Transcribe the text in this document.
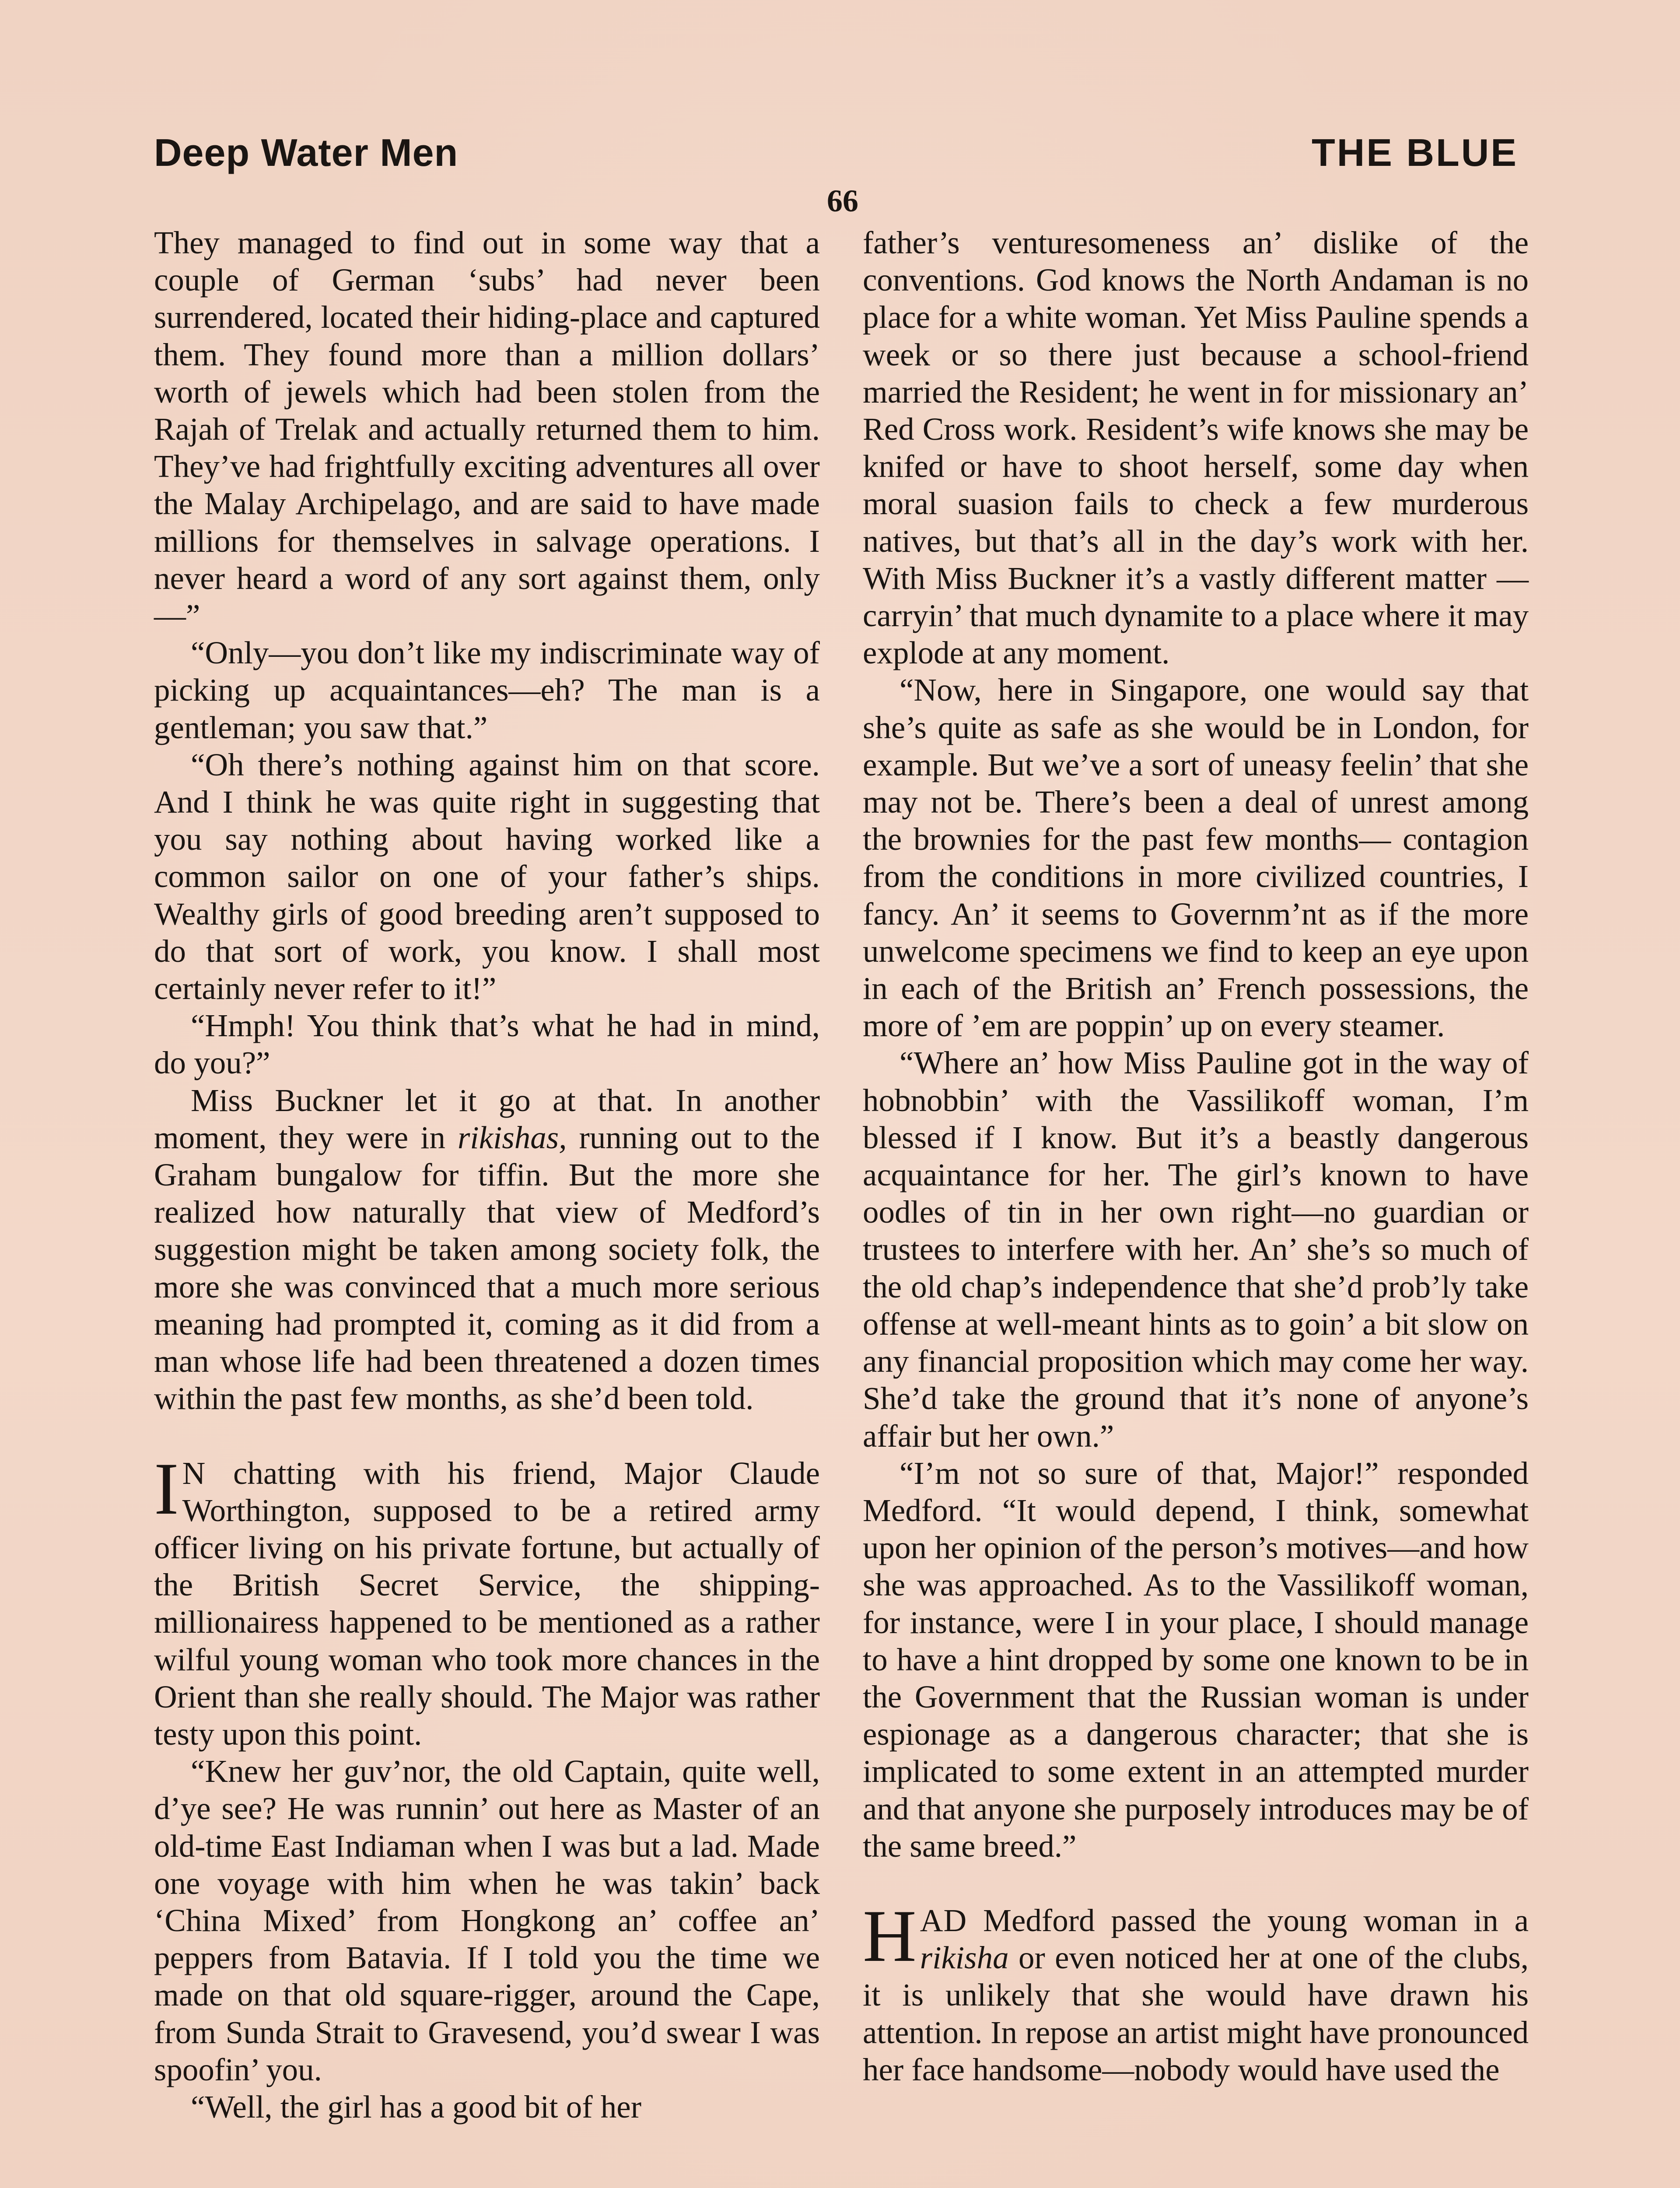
Deep Water Men	THE BLUE
66

They managed to find out in some way that a couple of German ‘subs’ had never been surrendered, located their hiding-place and captured them. They found more than a million dollars’ worth of jewels which had been stolen from the Rajah of Trelak and actually returned them to him. They’ve had frightfully exciting adventures all over the Malay Archipelago, and are said to have made millions for themselves in salvage operations. I never heard a word of any sort against them, only—”

“Only—you don’t like my indiscriminate way of picking up acquaintances—eh? The man is a gentleman; you saw that.”

“Oh there’s nothing against him on that score. And I think he was quite right in suggesting that you say nothing about having worked like a common sailor on one of your father’s ships. Wealthy girls of good breeding aren’t supposed to do that sort of work, you know. I shall most certainly never refer to it!”

“Hmph! You think that’s what he had in mind, do you?”

Miss Buckner let it go at that. In another moment, they were in rikishas, running out to the Graham bungalow for tiffin. But the more she realized how naturally that view of Medford’s suggestion might be taken among society folk, the more she was convinced that a much more serious meaning had prompted it, coming as it did from a man whose life had been threatened a dozen times within the past few months, as she’d been told.

I N chatting with his friend, Major Claude Worthington, supposed to be a retired army officer living on his private fortune, but actually of the British Secret Service, the shipping-millionairess happened to be mentioned as a rather wilful young woman who took more chances in the Orient than she really should. The Major was rather testy upon this point.

“Knew her guv’nor, the old Captain, quite well, d’ye see? He was runnin’ out here as Master of an old-time East Indiaman when I was but a lad. Made one voyage with him when he was takin’ back ‘China Mixed’ from Hongkong an’ coffee an’ peppers from Batavia. If I told you the time we made on that old square-rigger, around the Cape, from Sunda Strait to Gravesend, you’d swear I was spoofin’ you.

“Well, the girl has a good bit of her

father’s venturesomeness an’ dislike of the conventions. God knows the North Andaman is no place for a white woman. Yet Miss Pauline spends a week or so there just because a school-friend married the Resident; he went in for missionary an’ Red Cross work. Resident’s wife knows she may be knifed or have to shoot herself, some day when moral suasion fails to check a few murderous natives, but that’s all in the day’s work with her. With Miss Buckner it’s a vastly different matter —carryin’ that much dynamite to a place where it may explode at any moment.

“Now, here in Singapore, one would say that she’s quite as safe as she would be in London, for example. But we’ve a sort of uneasy feelin’ that she may not be. There’s been a deal of unrest among the brownies for the past few months— contagion from the conditions in more civilized countries, I fancy. An’ it seems to Governm’nt as if the more unwelcome specimens we find to keep an eye upon in each of the British an’ French possessions, the more of ’em are poppin’ up on every steamer.

“Where an’ how Miss Pauline got in the way of hobnobbin’ with the Vassilikoff woman, I’m blessed if I know. But it’s a beastly dangerous acquaintance for her. The girl’s known to have oodles of tin in her own right—no guardian or trustees to interfere with her. An’ she’s so much of the old chap’s independence that she’d prob’ly take offense at well-meant hints as to goin’ a bit slow on any financial proposition which may come her way. She’d take the ground that it’s none of anyone’s affair but her own.”

“I’m not so sure of that, Major!” responded Medford. “It would depend, I think, somewhat upon her opinion of the person’s motives—and how she was approached. As to the Vassilikoff woman, for instance, were I in your place, I should manage to have a hint dropped by some one known to be in the Government that the Russian woman is under espionage as a dangerous character; that she is implicated to some extent in an attempted murder and that anyone she purposely introduces may be of the same breed.”

HAD Medford passed the young woman in a rikisha or even noticed her at one of the clubs, it is unlikely that she would have drawn his attention. In repose an artist might have pronounced her face handsome—nobody would have used the
